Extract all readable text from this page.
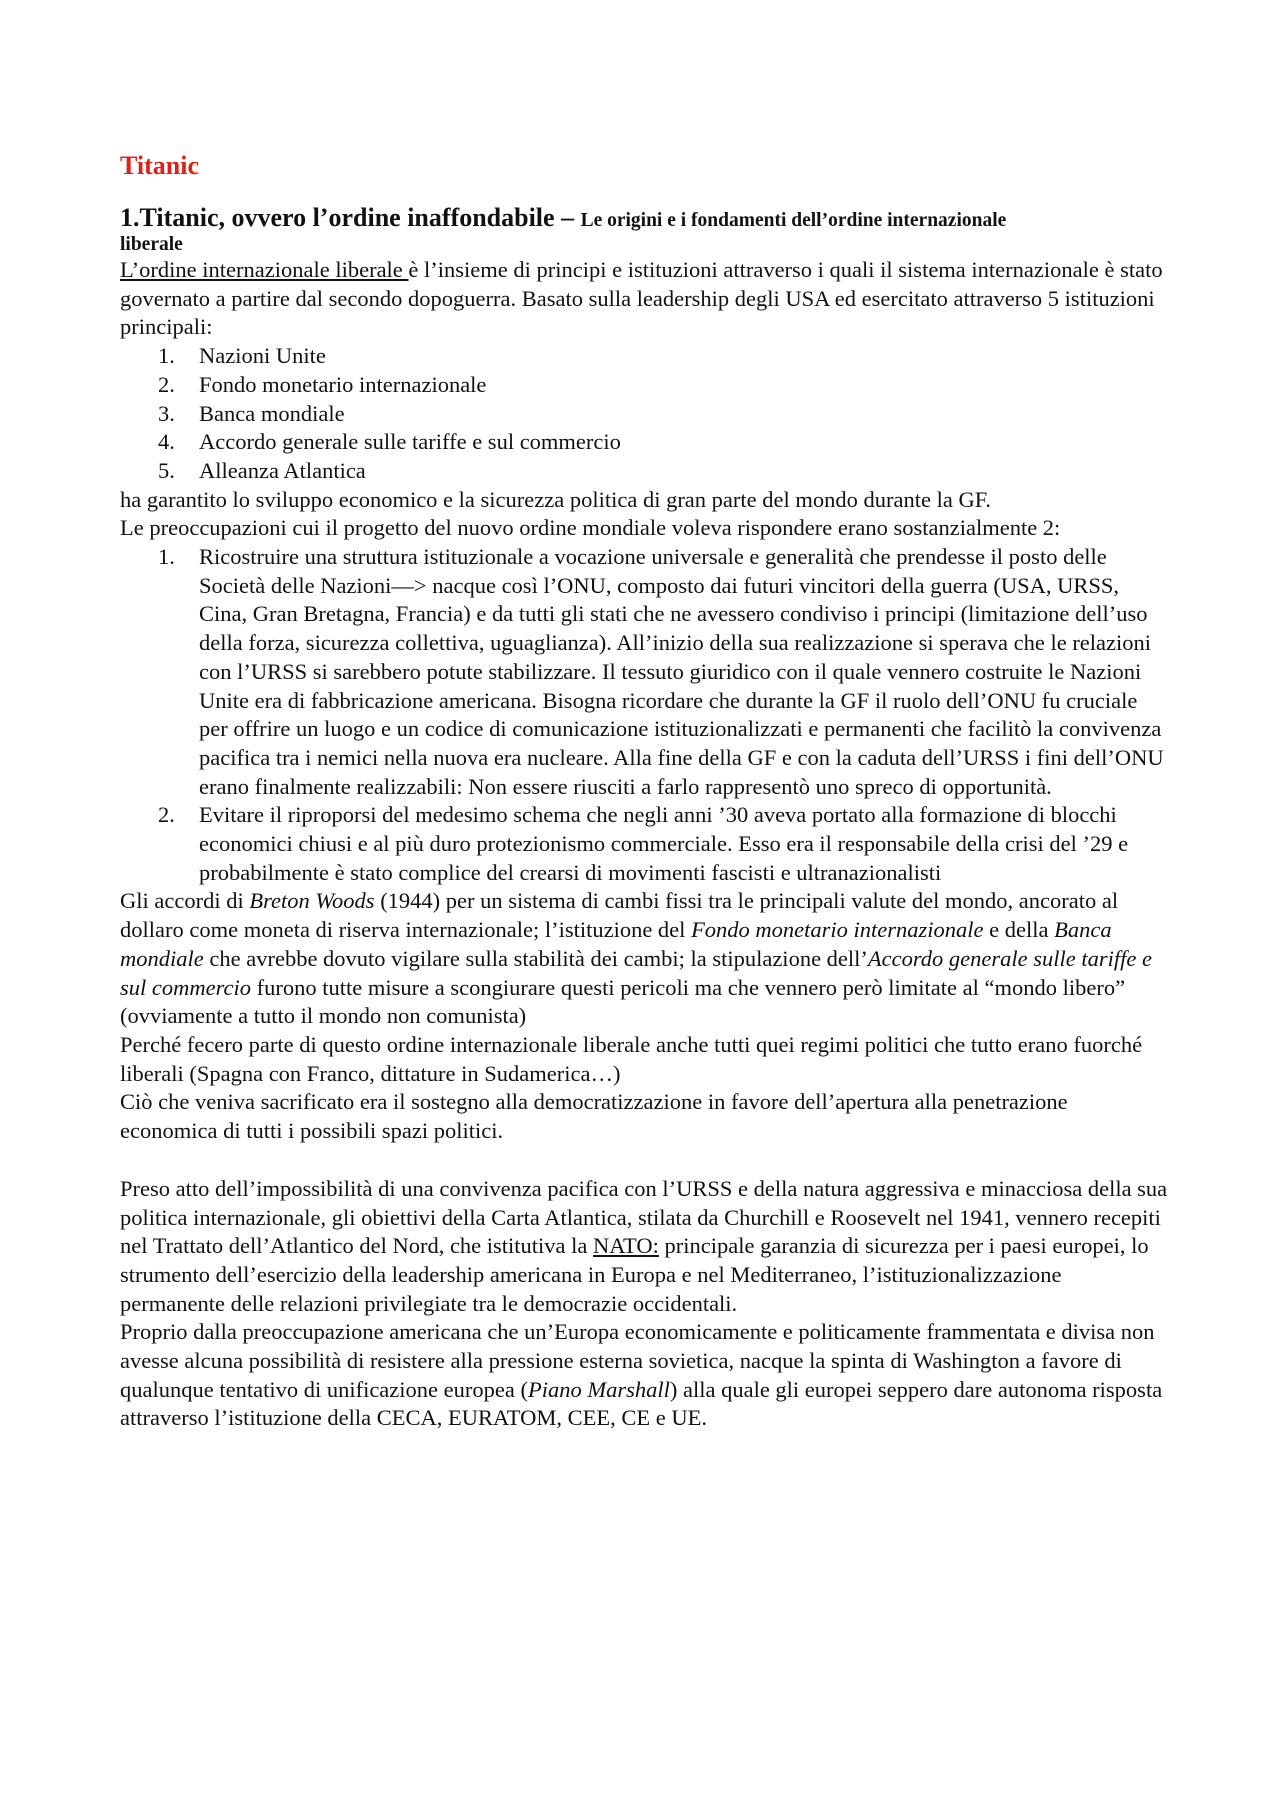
Titanic
1.Titanic, ovvero l’ordine inaffondabile – Le origini e i fondamenti dell’ordine internazionale
liberale

L’ordine internazionale liberale è l’insieme di principi e istituzioni attraverso i quali il sistema internazionale è stato governato a partire dal secondo dopoguerra. Basato sulla leadership degli USA ed esercitato attraverso 5 istituzioni principali:

1.	Nazioni Unite
2.	Fondo monetario internazionale
3.	Banca mondiale
4.	Accordo generale sulle tariffe e sul commercio
5.	Alleanza Atlantica

ha garantito lo sviluppo economico e la sicurezza politica di gran parte del mondo durante la GF.

Le preoccupazioni cui il progetto del nuovo ordine mondiale voleva rispondere erano sostanzialmente 2:

1.	Ricostruire una struttura istituzionale a vocazione universale e generalità che prendesse il posto delle Società delle Nazioni—> nacque così l’ONU, composto dai futuri vincitori della guerra (USA, URSS, Cina, Gran Bretagna, Francia) e da tutti gli stati che ne avessero condiviso i principi (limitazione dell’uso della forza, sicurezza collettiva, uguaglianza). All’inizio della sua realizzazione si sperava che le relazioni con l’URSS si sarebbero potute stabilizzare. Il tessuto giuridico con il quale vennero costruite le Nazioni Unite era di fabbricazione americana. Bisogna ricordare che durante la GF il ruolo dell’ONU fu cruciale per offrire un luogo e un codice di comunicazione istituzionalizzati e permanenti che facilitò la convivenza pacifica tra i nemici nella nuova era nucleare. Alla fine della GF e con la caduta dell’URSS i fini dell’ONU erano finalmente realizzabili: Non essere riusciti a farlo rappresentò uno spreco di opportunità.
2.	Evitare il riproporsi del medesimo schema che negli anni ’30 aveva portato alla formazione di blocchi economici chiusi e al più duro protezionismo commerciale. Esso era il responsabile della crisi del ’29 e probabilmente è stato complice del crearsi di movimenti fascisti e ultranazionalisti

Gli accordi di Breton Woods (1944) per un sistema di cambi fissi tra le principali valute del mondo, ancorato al dollaro come moneta di riserva internazionale; l’istituzione del Fondo monetario internazionale e della Banca mondiale che avrebbe dovuto vigilare sulla stabilità dei cambi; la stipulazione dell’Accordo generale sulle tariffe e sul commercio furono tutte misure a scongiurare questi pericoli ma che vennero però limitate al “mondo libero” (ovviamente a tutto il mondo non comunista)

Perché fecero parte di questo ordine internazionale liberale anche tutti quei regimi politici che tutto erano fuorché liberali (Spagna con Franco, dittature in Sudamerica…)

Ciò che veniva sacrificato era il sostegno alla democratizzazione in favore dell’apertura alla penetrazione economica di tutti i possibili spazi politici.

Preso atto dell’impossibilità di una convivenza pacifica con l’URSS e della natura aggressiva e minacciosa della sua politica internazionale, gli obiettivi della Carta Atlantica, stilata da Churchill e Roosevelt nel 1941, vennero recepiti nel Trattato dell’Atlantico del Nord, che istitutiva la NATO: principale garanzia di sicurezza per i paesi europei, lo strumento dell’esercizio della leadership americana in Europa e nel Mediterraneo, l’istituzionalizzazione permanente delle relazioni privilegiate tra le democrazie occidentali.

Proprio dalla preoccupazione americana che un’Europa economicamente e politicamente frammentata e divisa non avesse alcuna possibilità di resistere alla pressione esterna sovietica, nacque la spinta di Washington a favore di qualunque tentativo di unificazione europea (Piano Marshall) alla quale gli europei seppero dare autonoma risposta attraverso l’istituzione della CECA, EURATOM, CEE, CE e UE.
